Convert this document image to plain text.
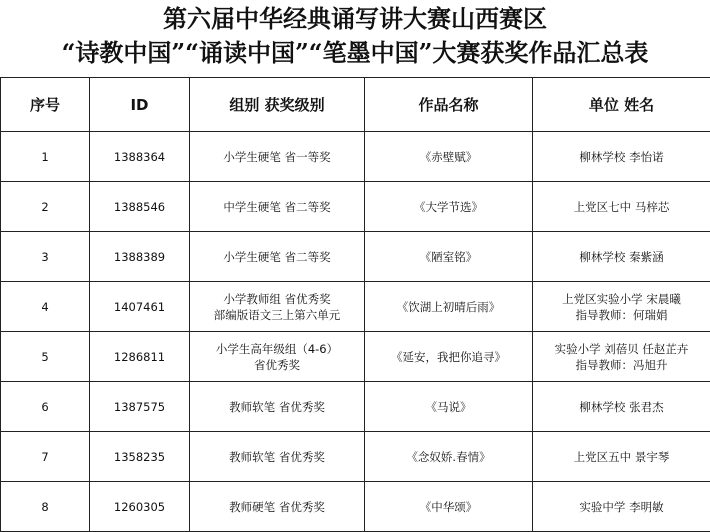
第六届中华经典诵写讲大赛山西赛区
“诗教中国”“诵读中国”“笔墨中国”大赛获奖作品汇总表
序号	ID	组别 获奖级别	作品名称	单位 姓名
1	1388364	小学生硬笔 省一等奖	《赤壁赋》	柳林学校 李怡诺

2	1388546	中学生硬笔 省二等奖	《大学节选》	上党区七中 马梓芯

3	1388389	小学生硬笔 省二等奖	《陋室铭》	柳林学校 秦紫涵

4	1407461	小学教师组 省优秀奖
部编版语文三上第六单元	《饮湖上初晴后雨》	上党区实验小学 宋晨曦
指导教师：何瑞娟

5	1286811	小学生高年级组（4-6）
省优秀奖	《延安，我把你追寻》	实验小学 刘蓓贝 任赵芷卉
指导教师：冯旭升

6	1387575	教师软笔 省优秀奖	《马说》	柳林学校 张君杰

7	1358235	教师软笔 省优秀奖	《念奴娇.春情》	上党区五中 景宇琴

8	1260305	教师硬笔 省优秀奖	《中华颂》	实验中学 李明敏
